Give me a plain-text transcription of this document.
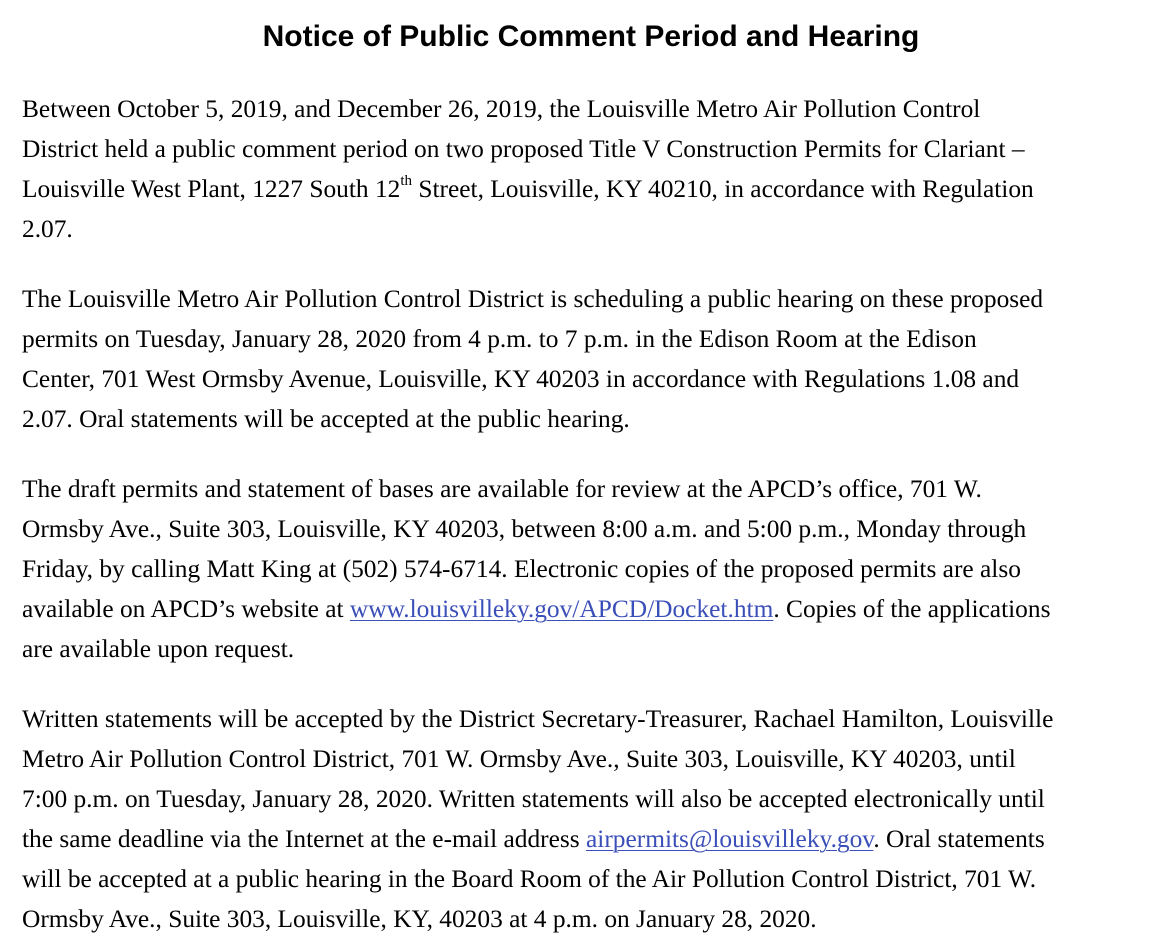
Notice of Public Comment Period and Hearing

Between October 5, 2019, and December 26, 2019, the Louisville Metro Air Pollution Control
District held a public comment period on two proposed Title V Construction Permits for Clariant –
Louisville West Plant, 1227 South 12th Street, Louisville, KY 40210, in accordance with Regulation
2.07.

The Louisville Metro Air Pollution Control District is scheduling a public hearing on these proposed
permits on Tuesday, January 28, 2020 from 4 p.m. to 7 p.m. in the Edison Room at the Edison
Center, 701 West Ormsby Avenue, Louisville, KY 40203 in accordance with Regulations 1.08 and
2.07. Oral statements will be accepted at the public hearing.

The draft permits and statement of bases are available for review at the APCD’s office, 701 W.
Ormsby Ave., Suite 303, Louisville, KY 40203, between 8:00 a.m. and 5:00 p.m., Monday through
Friday, by calling Matt King at (502) 574-6714. Electronic copies of the proposed permits are also
available on APCD’s website at www.louisvilleky.gov/APCD/Docket.htm. Copies of the applications
are available upon request.

Written statements will be accepted by the District Secretary-Treasurer, Rachael Hamilton, Louisville
Metro Air Pollution Control District, 701 W. Ormsby Ave., Suite 303, Louisville, KY 40203, until
7:00 p.m. on Tuesday, January 28, 2020. Written statements will also be accepted electronically until
the same deadline via the Internet at the e-mail address airpermits@louisvilleky.gov. Oral statements
will be accepted at a public hearing in the Board Room of the Air Pollution Control District, 701 W.
Ormsby Ave., Suite 303, Louisville, KY, 40203 at 4 p.m. on January 28, 2020.
